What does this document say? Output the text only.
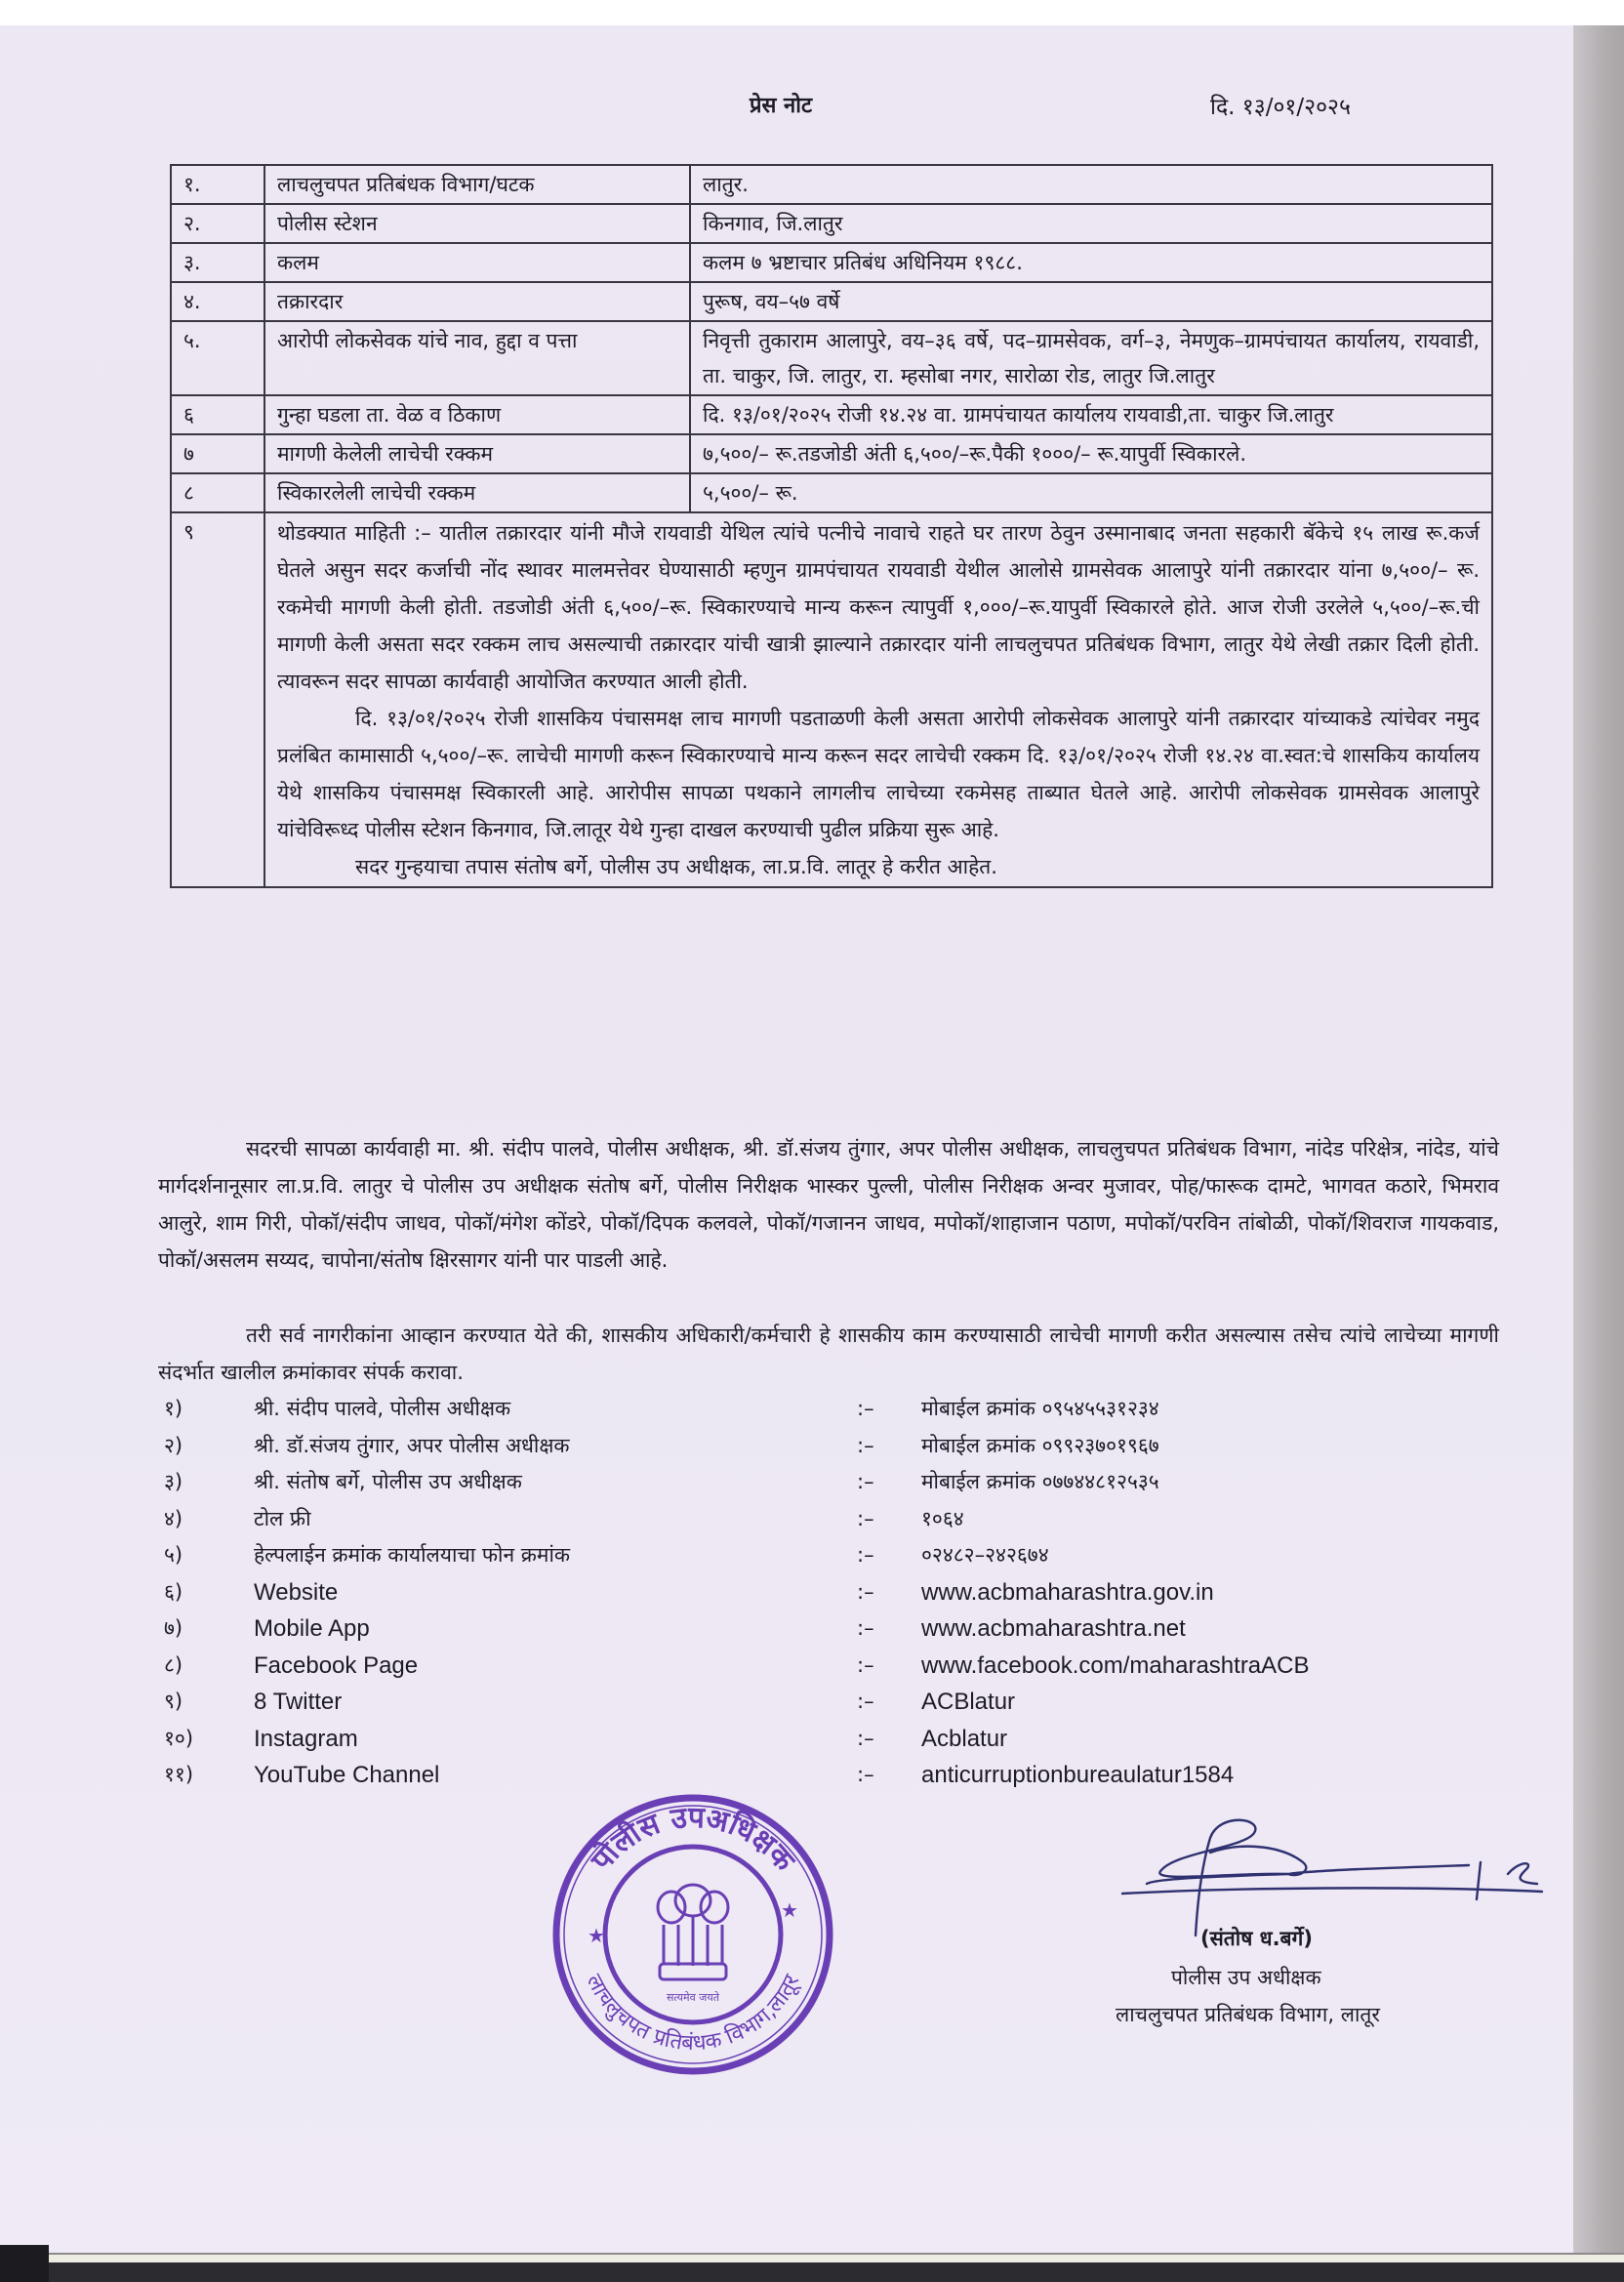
प्रेस नोट	दि. १३/०१/२०२५
१.	लाचलुचपत प्रतिबंधक विभाग/घटक	लातुर.
२.	पोलीस स्टेशन	किनगाव, जि.लातुर
३.	कलम	कलम ७ भ्रष्टाचार प्रतिबंध अधिनियम १९८८.
४.	तक्रारदार	पुरूष, वय–५७ वर्षे
५.	आरोपी लोकसेवक यांचे नाव, हुद्दा व पत्ता	निवृत्ती तुकाराम आलापुरे, वय–३६ वर्षे, पद–ग्रामसेवक, वर्ग–३, नेमणुक–ग्रामपंचायत कार्यालय, रायवाडी, ता. चाकुर, जि. लातुर, रा. म्हसोबा नगर, सारोळा रोड, लातुर जि.लातुर
६	गुन्हा घडला ता. वेळ व ठिकाण	दि. १३/०१/२०२५ रोजी १४.२४ वा. ग्रामपंचायत कार्यालय रायवाडी,ता. चाकुर जि.लातुर
७	मागणी केलेली लाचेची रक्कम	७,५००/– रू.तडजोडी अंती ६,५००/–रू.पैकी १०००/– रू.यापुर्वी स्विकारले.
८	स्विकारलेली लाचेची रक्कम	५,५००/– रू.
९	थोडक्यात माहिती :– यातील तक्रारदार यांनी मौजे रायवाडी येथिल त्यांचे पत्नीचे नावाचे राहते घर तारण ठेवुन उस्मानाबाद जनता सहकारी बॅकेचे १५ लाख रू.कर्ज घेतले असुन सदर कर्जाची नोंद स्थावर मालमत्तेवर घेण्यासाठी म्हणुन ग्रामपंचायत रायवाडी येथील आलोसे ग्रामसेवक आलापुरे यांनी तक्रारदार यांना ७,५००/– रू. रकमेची मागणी केली होती. तडजोडी अंती ६,५००/–रू. स्विकारण्याचे मान्य करून त्यापुर्वी १,०००/–रू.यापुर्वी स्विकारले होते. आज रोजी उरलेले ५,५००/–रू.ची मागणी केली असता सदर रक्कम लाच असल्याची तक्रारदार यांची खात्री झाल्याने तक्रारदार यांनी लाचलुचपत प्रतिबंधक विभाग, लातुर येथे लेखी तक्रार दिली होती. त्यावरून सदर सापळा कार्यवाही आयोजित करण्यात आली होती.

दि. १३/०१/२०२५ रोजी शासकिय पंचासमक्ष लाच मागणी पडताळणी केली असता आरोपी लोकसेवक आलापुरे यांनी तक्रारदार यांच्याकडे त्यांचेवर नमुद प्रलंबित कामासाठी ५,५००/–रू. लाचेची मागणी करून स्विकारण्याचे मान्य करून सदर लाचेची रक्कम दि. १३/०१/२०२५ रोजी १४.२४ वा.स्वत:चे शासकिय कार्यालय येथे शासकिय पंचासमक्ष स्विकारली आहे. आरोपीस सापळा पथकाने लागलीच लाचेच्या रकमेसह ताब्यात घेतले आहे. आरोपी लोकसेवक ग्रामसेवक आलापुरे यांचेविरूध्द पोलीस स्टेशन किनगाव, जि.लातूर येथे गुन्हा दाखल करण्याची पुढील प्रक्रिया सुरू आहे.

सदर गुन्हयाचा तपास संतोष बर्गे, पोलीस उप अधीक्षक, ला.प्र.वि. लातूर हे करीत आहेत.	

सदरची सापळा कार्यवाही मा. श्री. संदीप पालवे, पोलीस अधीक्षक, श्री. डॉ.संजय तुंगार, अपर पोलीस अधीक्षक, लाचलुचपत प्रतिबंधक विभाग, नांदेड परिक्षेत्र, नांदेड, यांचे मार्गदर्शनानूसार ला.प्र.वि. लातुर चे पोलीस उप अधीक्षक संतोष बर्गे, पोलीस निरीक्षक भास्कर पुल्ली, पोलीस निरीक्षक अन्वर मुजावर, पोह/फारूक दामटे, भागवत कठारे, भिमराव आलुरे, शाम गिरी, पोकॉ/संदीप जाधव, पोकॉ/मंगेश कोंडरे, पोकॉ/दिपक कलवले, पोकॉ/गजानन जाधव, मपोकॉ/शाहाजान पठाण, मपोकॉ/परविन तांबोळी, पोकॉ/शिवराज गायकवाड, पोकॉ/असलम सय्यद, चापोना/संतोष क्षिरसागर यांनी पार पाडली आहे.

तरी सर्व नागरीकांना आव्हान करण्यात येते की, शासकीय अधिकारी/कर्मचारी हे शासकीय काम करण्यासाठी लाचेची मागणी करीत असल्यास तसेच त्यांचे लाचेच्या मागणी संदर्भात खालील क्रमांकावर संपर्क करावा.

१)	श्री. संदीप पालवे, पोलीस अधीक्षक	:– मोबाईल क्रमांक ०९५४५५३१२३४
२)	श्री. डॉ.संजय तुंगार, अपर पोलीस अधीक्षक	:– मोबाईल क्रमांक ०९९२३७०१९६७
३)	श्री. संतोष बर्गे, पोलीस उप अधीक्षक	:– मोबाईल क्रमांक ०७७४४८१२५३५
४)	टोल फ्री	:– १०६४
५)	हेल्पलाईन क्रमांक कार्यालयाचा फोन क्रमांक	:– ०२४८२–२४२६७४
६)	Website	:– www.acbmaharashtra.gov.in
७)	Mobile App	:– www.acbmaharashtra.net
८)	Facebook Page	:– www.facebook.com/maharashtraACB
९)	8 Twitter	:– ACBlatur
१०)	Instagram	:– Acblatur
११)	YouTube Channel	:– anticurruptionbureaulatur1584
पोलीस उपअधिक्षक
लाचलुचपत प्रतिबंधक विभाग,लातूर
★
★
सत्यमेव जयते
(संतोष ध.बर्गे)
पोलीस उप अधीक्षक
लाचलुचपत प्रतिबंधक विभाग, लातूर
